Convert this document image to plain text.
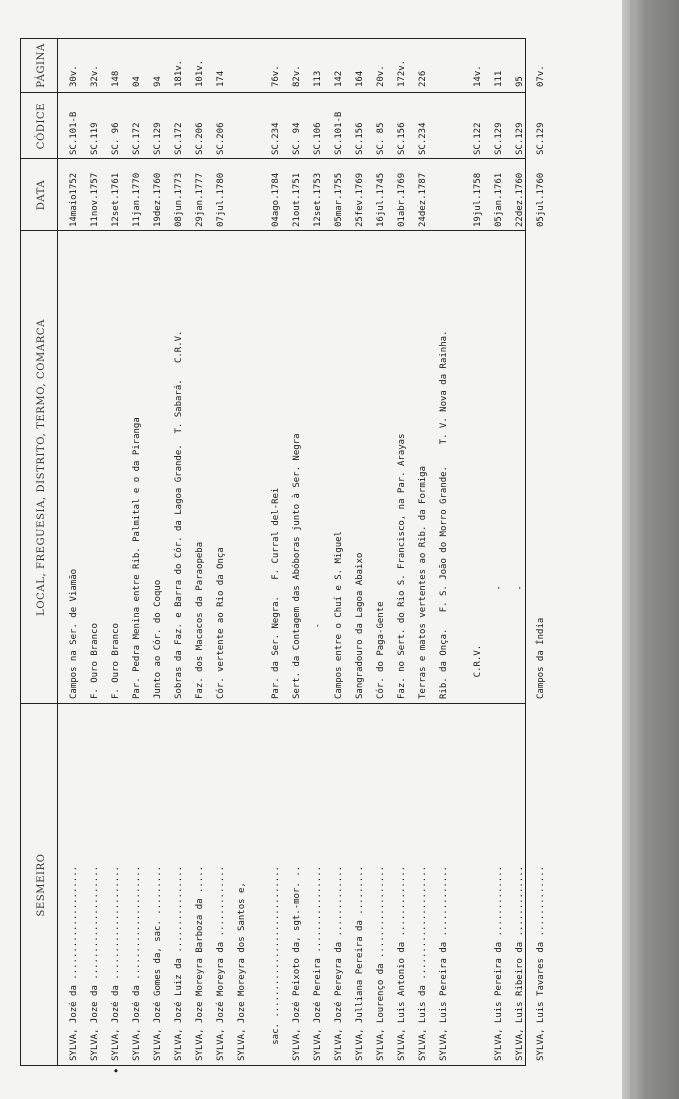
SESMEIRO
LOCAL, FREGUESIA, DISTRITO, TERMO, COMARCA
DATA
CÓDICE
PÁGINA
SYLVA, Jozé da .....................
Campos na Ser. de Viamão
14maio1752
SC.101-B
30v.
SYLVA, Joze da .....................
F. Ouro Branco
11nov.1757
SC.119
32v.
•
SYLVA, Jozé da .....................
F. Ouro Branco
12set.1761
SC. 96
148
SYLVA, Jozé da .....................
Par. Pedra Menina entre Rib. Palmital e o da Piranga
11jan.1770
SC.172
04
SYLVA, Jozé Gomes da, sac. .........
Junto ao Cór. do Coquo
19dez.1760
SC.129
94
SYLVA, Jozé Luiz da ................
Sobras da Faz. e Barra do Cór. da Lagoa Grande.  T. Sabará.   C.R.V.
08jun.1773
SC.172
181v.
SYLVA, Joze Moreyra Barboza da .....
Faz. dos Macacos da Paraopeba
29jan.1777
SC.206
101v.
SYLVA, Jozé Moreyra da .............
Cór. vertente ao Rio da Onça
07jul.1780
SC.206
174
SYLVA, Joze Moreyra dos Santos e,	sac. ............................
Par. da Ser. Negra.   F. Curral del-Rei
04ago.1784
SC.234
76v.
SYLVA, Jozé Peixoto da, sgt.-mor. ..
Sert. da Contagem das Abóboras junto à Ser. Negra
21out.1751
SC. 94
82v.
SYLVA, Jozé Pereira ................
-
12set.1753
SC.106
113
SYLVA, Jozé Pereyra da .............
Campos entre o Chuí e S. Miguel
05mar.1755
SC.101-B
142
SYLVA, Julliana Pereira da .........
Sangradouro da Lagoa Abaixo
25fev.1769
SC.156
164
SYLVA, Lourenço da .................
Cór. do Paga-Gente
16jul.1745
SC. 85
20v.
SYLVA, Luis Antonio da .............
Faz. no Sert. do Rio S. Francisco, na Par. Arayas
01abr.1769
SC.156
172v.
SYLVA, Luis da .....................
Terras e matos vertentes ao Rib. da Formiga
24dez.1787
SC.234
226
SYLVA, Luis Pereira da .............
Rib. da Onça.   F. S. João do Morro Grande.    T. V. Nova da Rainha.	C.R.V.
19jul.1758
SC.122
14v.
SYLVA, Luis Pereira da .............
-
05jan.1761
SC.129
111
SYLVA, Luis Ribeiro da .............
-
22dez.1760
SC.129
95
SYLVA, Luis Tavares da .............
Campos da Índia
05jul.1760
SC.129
07v.
